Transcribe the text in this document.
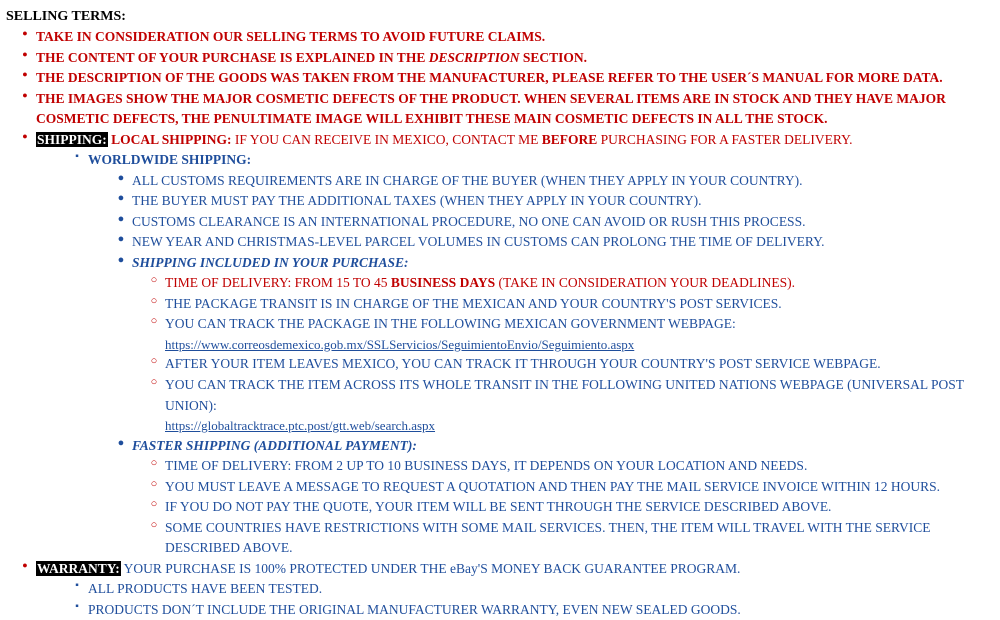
SELLING TERMS:
● TAKE IN CONSIDERATION OUR SELLING TERMS TO AVOID FUTURE CLAIMS.
● THE CONTENT OF YOUR PURCHASE IS EXPLAINED IN THE DESCRIPTION SECTION.
● THE DESCRIPTION OF THE GOODS WAS TAKEN FROM THE MANUFACTURER, PLEASE REFER TO THE USER´S MANUAL FOR MORE DATA.
● THE IMAGES SHOW THE MAJOR COSMETIC DEFECTS OF THE PRODUCT. WHEN SEVERAL ITEMS ARE IN STOCK AND THEY HAVE MAJOR COSMETIC DEFECTS, THE PENULTIMATE IMAGE WILL EXHIBIT THESE MAIN COSMETIC DEFECTS IN ALL THE STOCK.
● SHIPPING: LOCAL SHIPPING: IF YOU CAN RECEIVE IN MEXICO, CONTACT ME BEFORE PURCHASING FOR A FASTER DELIVERY.
▪ WORLDWIDE SHIPPING:
● ALL CUSTOMS REQUIREMENTS ARE IN CHARGE OF THE BUYER (WHEN THEY APPLY IN YOUR COUNTRY).
● THE BUYER MUST PAY THE ADDITIONAL TAXES (WHEN THEY APPLY IN YOUR COUNTRY).
● CUSTOMS CLEARANCE IS AN INTERNATIONAL PROCEDURE, NO ONE CAN AVOID OR RUSH THIS PROCESS.
● NEW YEAR AND CHRISTMAS-LEVEL PARCEL VOLUMES IN CUSTOMS CAN PROLONG THE TIME OF DELIVERY.
● SHIPPING INCLUDED IN YOUR PURCHASE:
○ TIME OF DELIVERY: FROM 15 TO 45 BUSINESS DAYS (TAKE IN CONSIDERATION YOUR DEADLINES).
○ THE PACKAGE TRANSIT IS IN CHARGE OF THE MEXICAN AND YOUR COUNTRY'S POST SERVICES.
○ YOU CAN TRACK THE PACKAGE IN THE FOLLOWING MEXICAN GOVERNMENT WEBPAGE:
https://www.correosdemexico.gob.mx/SSLServicios/SeguimientoEnvio/Seguimiento.aspx
○ AFTER YOUR ITEM LEAVES MEXICO, YOU CAN TRACK IT THROUGH YOUR COUNTRY'S POST SERVICE WEBPAGE.
○ YOU CAN TRACK THE ITEM ACROSS ITS WHOLE TRANSIT IN THE FOLLOWING UNITED NATIONS WEBPAGE (UNIVERSAL POST UNION):
https://globaltracktrace.ptc.post/gtt.web/search.aspx
● FASTER SHIPPING (ADDITIONAL PAYMENT):
○ TIME OF DELIVERY: FROM 2 UP TO 10 BUSINESS DAYS, IT DEPENDS ON YOUR LOCATION AND NEEDS.
○ YOU MUST LEAVE A MESSAGE TO REQUEST A QUOTATION AND THEN PAY THE MAIL SERVICE INVOICE WITHIN 12 HOURS.
○ IF YOU DO NOT PAY THE QUOTE, YOUR ITEM WILL BE SENT THROUGH THE SERVICE DESCRIBED ABOVE.
○ SOME COUNTRIES HAVE RESTRICTIONS WITH SOME MAIL SERVICES. THEN, THE ITEM WILL TRAVEL WITH THE SERVICE DESCRIBED ABOVE.
● WARRANTY: YOUR PURCHASE IS 100% PROTECTED UNDER THE eBay'S MONEY BACK GUARANTEE PROGRAM.
▪ ALL PRODUCTS HAVE BEEN TESTED.
▪ PRODUCTS DON´T INCLUDE THE ORIGINAL MANUFACTURER WARRANTY, EVEN NEW SEALED GOODS.
